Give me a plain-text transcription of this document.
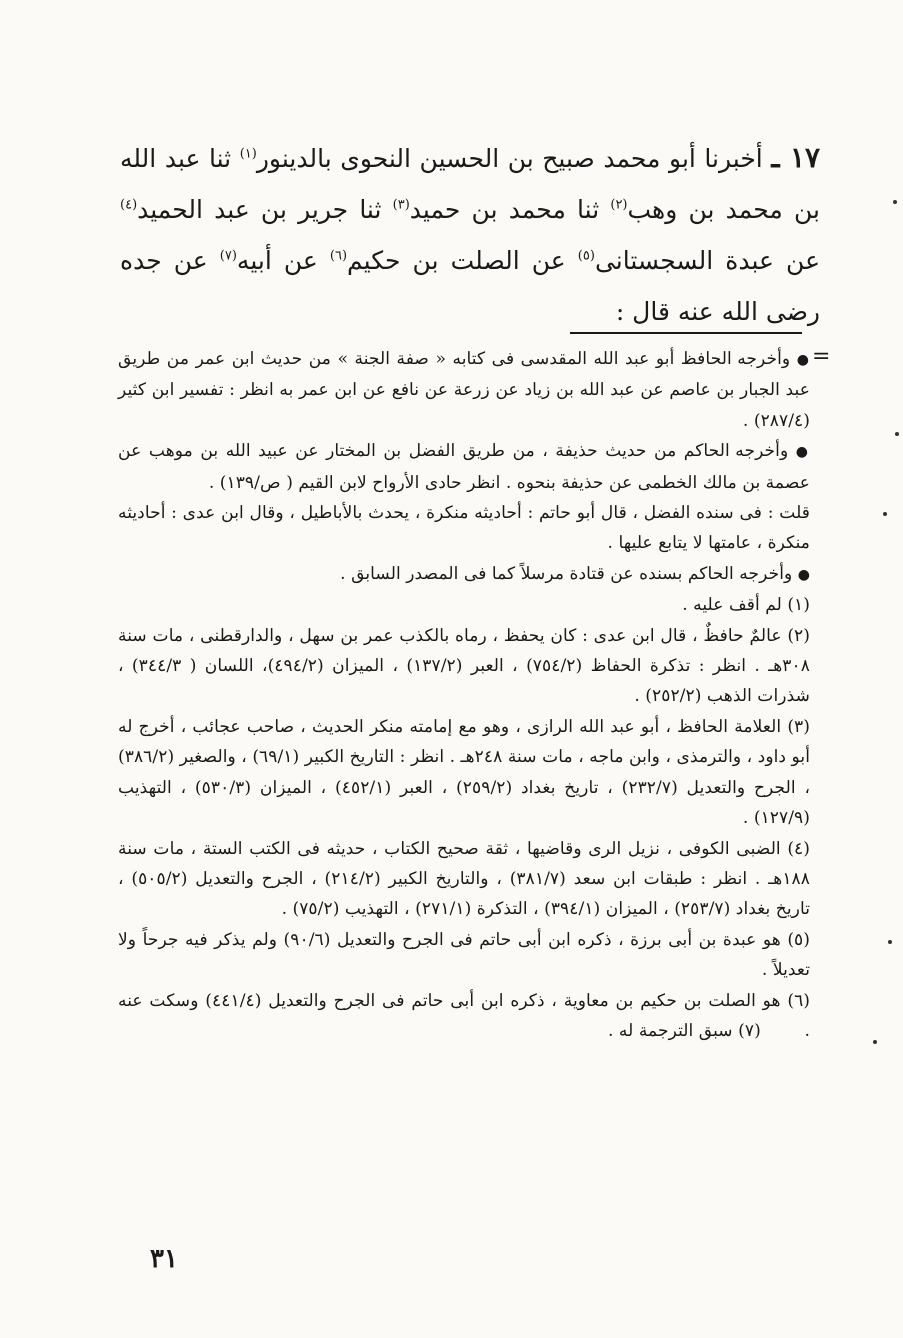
١٧ ـ أخبرنا أبو محمد صبيح بن الحسين النحوى بالدينور$^{(١)}$ ثنا عبد الله بن محمد بن وهب$^{(٢)}$ ثنا محمد بن حميد$^{(٣)}$ ثنا جرير بن عبد الحميد$^{(٤)}$ عن عبدة السجستانى$^{(٥)}$ عن الصلت بن حكيم$^{(٦)}$ عن أبيه$^{(٧)}$ عن جده رضى الله عنه قال :

=

● وأخرجه الحافظ أبو عبد الله المقدسى فى كتابه « صفة الجنة » من حديث ابن عمر من طريق عبد الجبار بن عاصم عن عبد الله بن زياد عن زرعة عن نافع عن ابن عمر به انظر : تفسير ابن كثير (٢٨٧/٤) .

● وأخرجه الحاكم من حديث حذيفة ، من طريق الفضل بن المختار عن عبيد الله بن موهب عن عصمة بن مالك الخطمى عن حذيفة بنحوه . انظر حادى الأرواح لابن القيم ( ص/١٣٩) .

قلت : فى سنده الفضل ، قال أبو حاتم : أحاديثه منكرة ، يحدث بالأباطيل ، وقال ابن عدى : أحاديثه منكرة ، عامتها لا يتابع عليها .

● وأخرجه الحاكم بسنده عن قتادة مرسلاً كما فى المصدر السابق .

(١) لم أقف عليه .

(٢) عالمٌ حافظٌ ، قال ابن عدى : كان يحفظ ، رماه بالكذب عمر بن سهل ، والدارقطنى ، مات سنة ٣٠٨هـ . انظر : تذكرة الحفاظ (٧٥٤/٢) ، العبر (١٣٧/٢) ، الميزان (٤٩٤/٢)، اللسان ( ٣٤٤/٣) ، شذرات الذهب (٢٥٢/٢) .

(٣) العلامة الحافظ ، أبو عبد الله الرازى ، وهو مع إمامته منكر الحديث ، صاحب عجائب ، أخرج له أبو داود ، والترمذى ، وابن ماجه ، مات سنة ٢٤٨هـ . انظر : التاريخ الكبير (٦٩/١) ، والصغير (٣٨٦/٢) ، الجرح والتعديل (٢٣٢/٧) ، تاريخ بغداد (٢٥٩/٢) ، العبر (٤٥٢/١) ، الميزان (٥٣٠/٣) ، التهذيب (١٢٧/٩) .

(٤) الضبى الكوفى ، نزيل الرى وقاضيها ، ثقة صحيح الكتاب ، حديثه فى الكتب الستة ، مات سنة ١٨٨هـ . انظر : طبقات ابن سعد (٣٨١/٧) ، والتاريخ الكبير (٢١٤/٢) ، الجرح والتعديل (٥٠٥/٢) ، تاريخ بغداد (٢٥٣/٧) ، الميزان (٣٩٤/١) ، التذكرة (٢٧١/١) ، التهذيب (٧٥/٢) .

(٥) هو عبدة بن أبى برزة ، ذكره ابن أبى حاتم فى الجرح والتعديل (٩٠/٦) ولم يذكر فيه جرحاً ولا تعديلاً .

(٦) هو الصلت بن حكيم بن معاوية ، ذكره ابن أبى حاتم فى الجرح والتعديل (٤٤١/٤) وسكت عنه .        (٧) سبق الترجمة له .

٣١
